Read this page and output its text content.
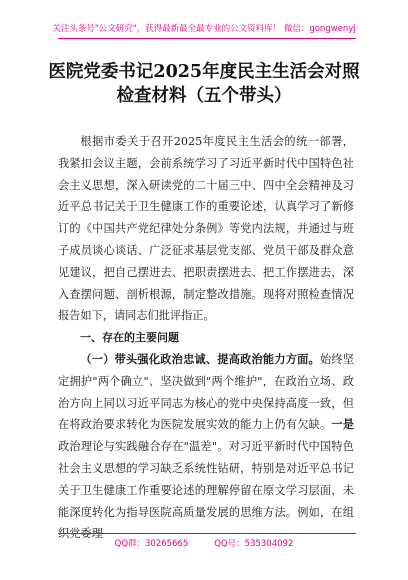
关注头条号"公文研究"，获得最新最全最专业的公文资料库！ 微信：gongwenyj
医院党委书记2025年度民主生活会对照
检查材料（五个带头）

根据市委关于召开2025年度民主生活会的统一部署，我紧扣会议主题，会前系统学习了习近平新时代中国特色社会主义思想，深入研读党的二十届三中、四中全会精神及习近平总书记关于卫生健康工作的重要论述，认真学习了新修订的《中国共产党纪律处分条例》等党内法规，并通过与班子成员谈心谈话、广泛征求基层党支部、党员干部及群众意见建议，把自己摆进去、把职责摆进去、把工作摆进去，深入查摆问题、剖析根源，制定整改措施。现将对照检查情况报告如下，请同志们批评指正。

一、存在的主要问题

（一）带头强化政治忠诚、提高政治能力方面。始终坚定拥护"两个确立"、坚决做到"两个维护"，在政治立场、政治方向上同以习近平同志为核心的党中央保持高度一致，但在将政治要求转化为医院发展实效的能力上仍有欠缺。一是政治理论与实践融合存在"温差"。对习近平新时代中国特色社会主义思想的学习缺乏系统性钻研，特别是对近平总书记关于卫生健康工作重要论述的理解停留在原文学习层面，未能深度转化为指导医院高质量发展的思维方法。例如，在组织党委理

QQ群：30265665	QQ号：535304092
